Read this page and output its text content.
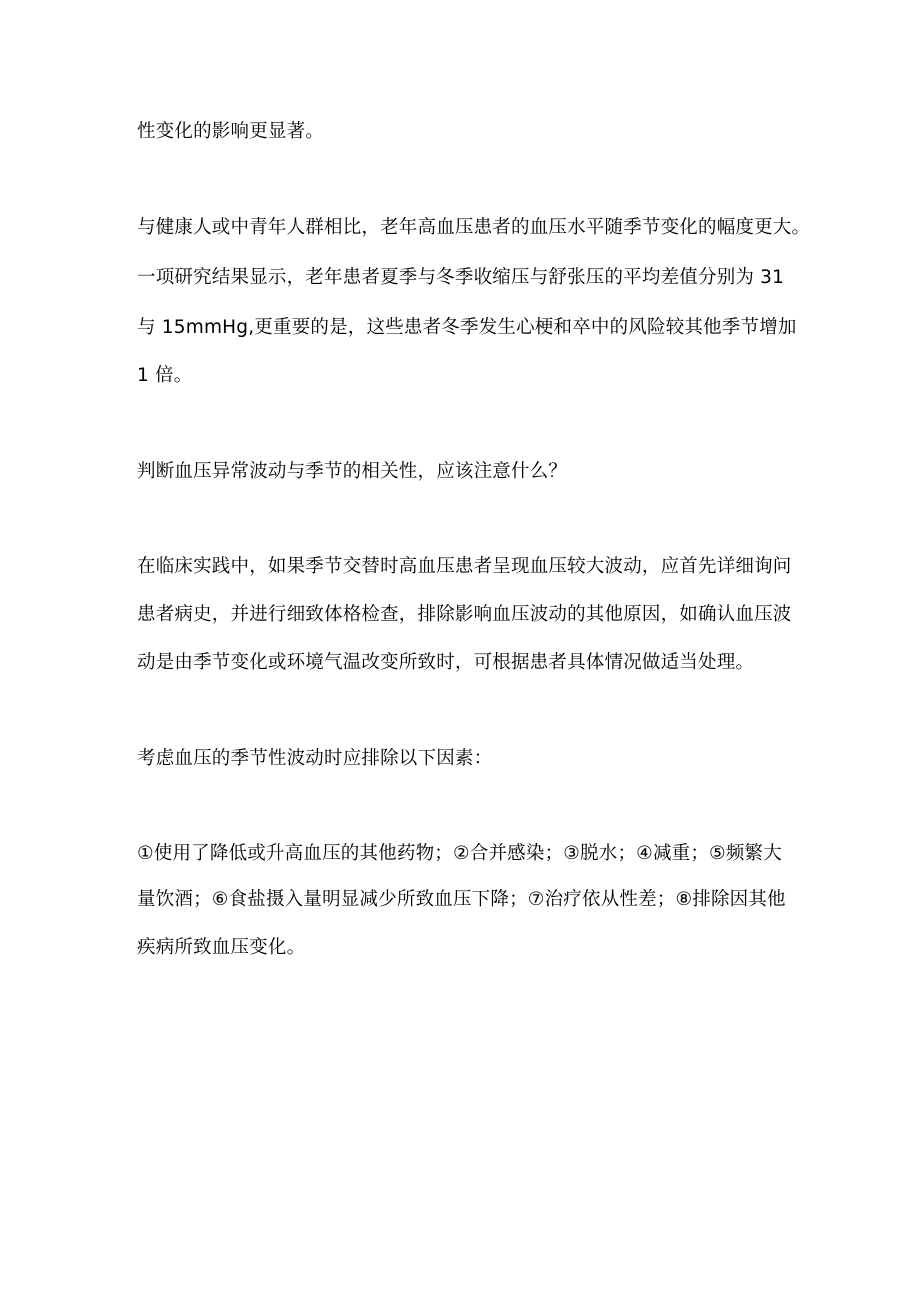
性变化的影响更显著。
与健康人或中青年人群相比，老年高血压患者的血压水平随季节变化的幅度更大。
一项研究结果显示，老年患者夏季与冬季收缩压与舒张压的平均差值分别为 31
与 15mmHg,更重要的是，这些患者冬季发生心梗和卒中的风险较其他季节增加
1 倍。
判断血压异常波动与季节的相关性，应该注意什么？
在临床实践中，如果季节交替时高血压患者呈现血压较大波动，应首先详细询问
患者病史，并进行细致体格检查，排除影响血压波动的其他原因，如确认血压波
动是由季节变化或环境气温改变所致时，可根据患者具体情况做适当处理。
考虑血压的季节性波动时应排除以下因素：
①使用了降低或升高血压的其他药物；②合并感染；③脱水；④减重；⑤频繁大
量饮酒；⑥食盐摄入量明显减少所致血压下降；⑦治疗依从性差；⑧排除因其他
疾病所致血压变化。
